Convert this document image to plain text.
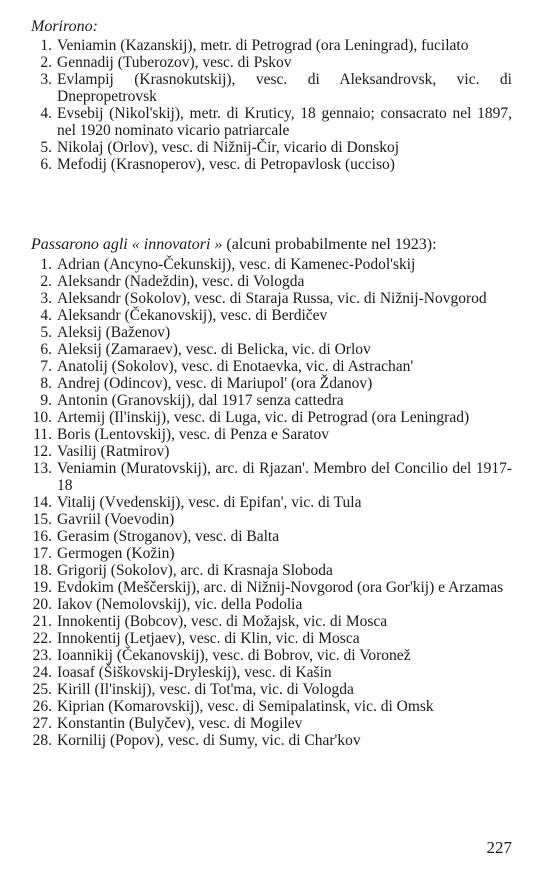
Morirono:
1. Veniamin (Kazanskij), metr. di Petrograd (ora Leningrad), fucilato
2. Gennadij (Tuberozov), vesc. di Pskov
3. Evlampij (Krasnokutskij), vesc. di Aleksandrovsk, vic. di Dnepropetrovsk
4. Evsebij (Nikol'skij), metr. di Kruticy, 18 gennaio; consacrato nel 1897, nel 1920 nominato vicario patriarcale
5. Nikolaj (Orlov), vesc. di Nižnij-Čir, vicario di Donskoj
6. Mefodij (Krasnoperov), vesc. di Petropavlosk (ucciso)
Passarono agli « innovatori » (alcuni probabilmente nel 1923):
1. Adrian (Ancyno-Čekunskij), vesc. di Kamenec-Podol'skij
2. Aleksandr (Nadeždin), vesc. di Vologda
3. Aleksandr (Sokolov), vesc. di Staraja Russa, vic. di Nižnij-Novgorod
4. Aleksandr (Čekanovskij), vesc. di Berdičev
5. Aleksij (Baženov)
6. Aleksij (Zamaraev), vesc. di Belicka, vic. di Orlov
7. Anatolij (Sokolov), vesc. di Enotaevka, vic. di Astrachan'
8. Andrej (Odincov), vesc. di Mariupol' (ora Ždanov)
9. Antonin (Granovskij), dal 1917 senza cattedra
10. Artemij (Il'inskij), vesc. di Luga, vic. di Petrograd (ora Leningrad)
11. Boris (Lentovskij), vesc. di Penza e Saratov
12. Vasilij (Ratmirov)
13. Veniamin (Muratovskij), arc. di Rjazan'. Membro del Concilio del 1917-18
14. Vitalij (Vvedenskij), vesc. di Epifan', vic. di Tula
15. Gavriil (Voevodin)
16. Gerasim (Stroganov), vesc. di Balta
17. Germogen (Kožin)
18. Grigorij (Sokolov), arc. di Krasnaja Sloboda
19. Evdokim (Meščerskij), arc. di Nižnij-Novgorod (ora Gor'kij) e Arzamas
20. Iakov (Nemolovskij), vic. della Podolia
21. Innokentij (Bobcov), vesc. di Možajsk, vic. di Mosca
22. Innokentij (Letjaev), vesc. di Klin, vic. di Mosca
23. Ioannikij (Čekanovskij), vesc. di Bobrov, vic. di Voronež
24. Ioasaf (Šiškovskij-Dryleskij), vesc. di Kašin
25. Kirill (Il'inskij), vesc. di Tot'ma, vic. di Vologda
26. Kiprian (Komarovskij), vesc. di Semipalatinsk, vic. di Omsk
27. Konstantin (Bulyčev), vesc. di Mogilev
28. Kornilij (Popov), vesc. di Sumy, vic. di Char'kov
227
